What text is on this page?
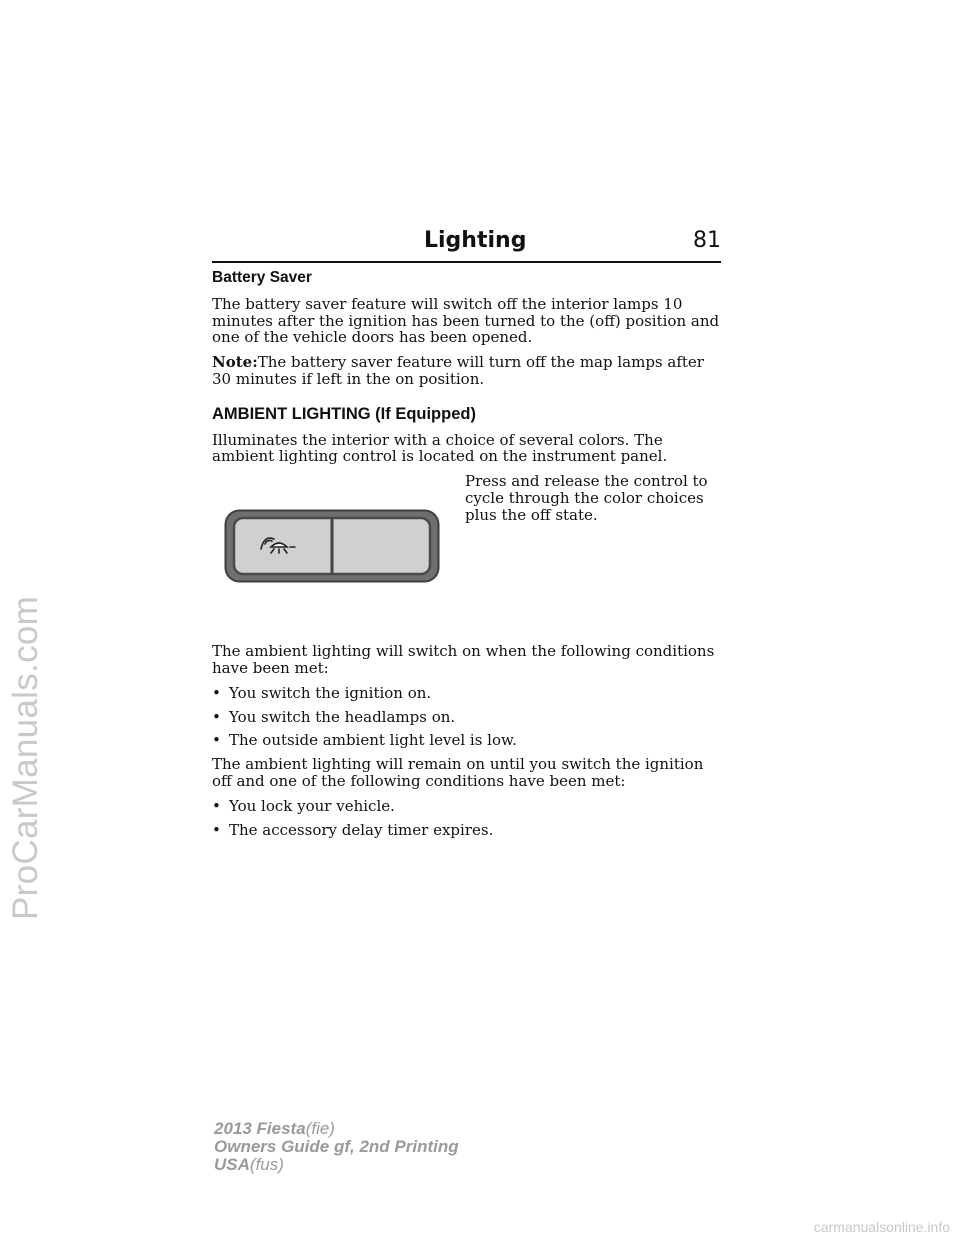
ProCarManuals.com
Lighting	81
Battery Saver

The battery saver feature will switch off the interior lamps 10 minutes after the ignition has been turned to the (off) position and one of the vehicle doors has been opened.

Note:The battery saver feature will turn off the map lamps after 30 minutes if left in the on position.

AMBIENT LIGHTING (If Equipped)

Illuminates the interior with a choice of several colors. The ambient lighting control is located on the instrument panel.

Press and release the control to cycle through the color choices plus the off state.

The ambient lighting will switch on when the following conditions have been met:

• You switch the ignition on.
• You switch the headlamps on.
• The outside ambient light level is low.

The ambient lighting will remain on until you switch the ignition off and one of the following conditions have been met:

• You lock your vehicle.
• The accessory delay timer expires.
2013 Fiesta(fie)
Owners Guide gf, 2nd Printing
USA(fus)
carmanualsonline.info
